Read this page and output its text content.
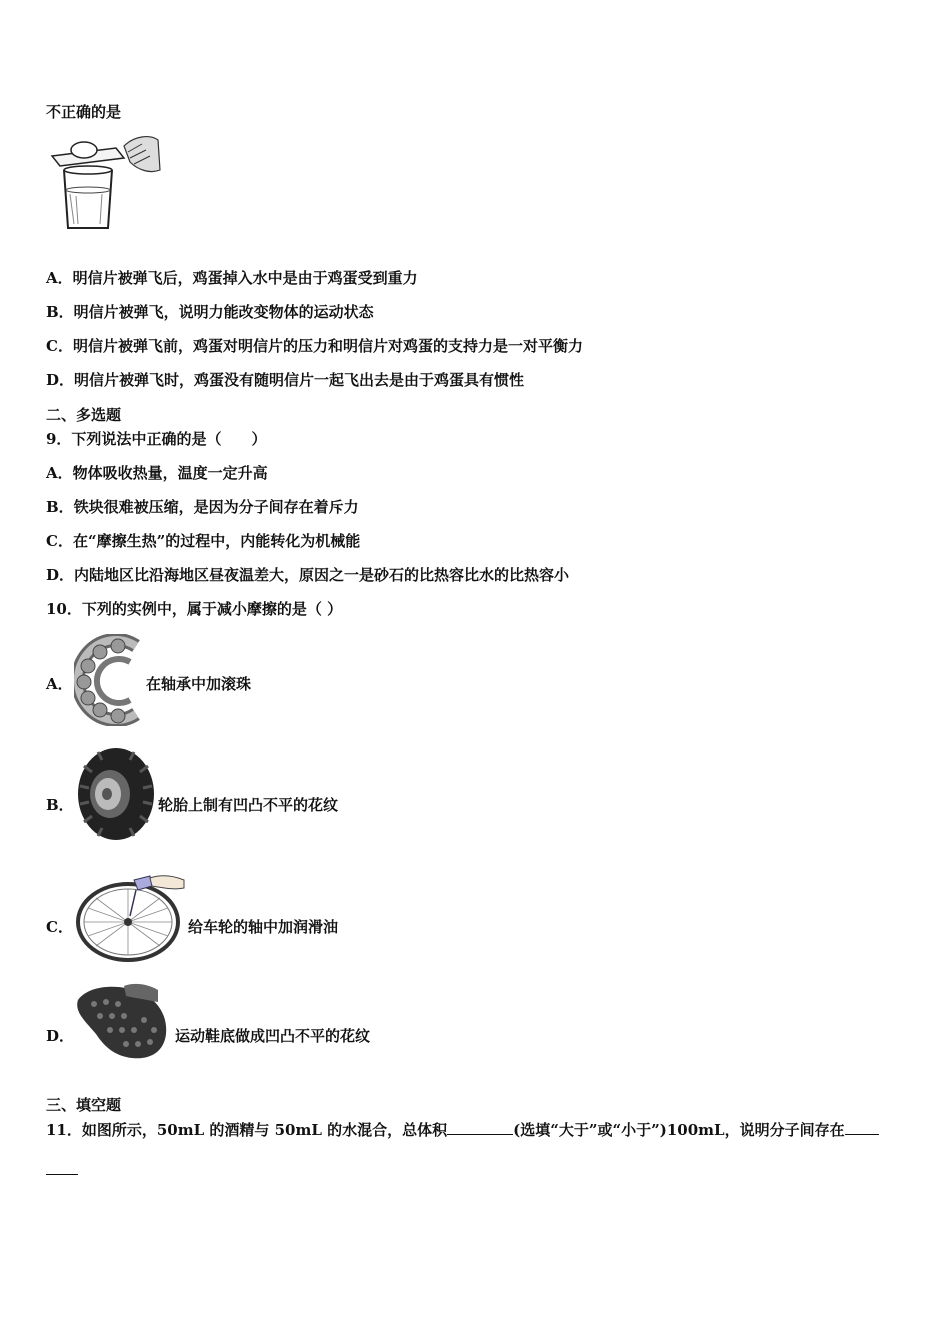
不正确的是
A．明信片被弹飞后，鸡蛋掉入水中是由于鸡蛋受到重力
B．明信片被弹飞，说明力能改变物体的运动状态
C．明信片被弹飞前，鸡蛋对明信片的压力和明信片对鸡蛋的支持力是一对平衡力
D．明信片被弹飞时，鸡蛋没有随明信片一起飞出去是由于鸡蛋具有惯性
二、多选题
9．下列说法中正确的是（　　）
A．物体吸收热量，温度一定升高
B．铁块很难被压缩，是因为分子间存在着斥力
C．在“摩擦生热”的过程中，内能转化为机械能
D．内陆地区比沿海地区昼夜温差大，原因之一是砂石的比热容比水的比热容小
10．下列的实例中，属于减小摩擦的是（ ）
A．	在轴承中加滚珠
B．	轮胎上制有凹凸不平的花纹
C．	给车轮的轴中加润滑油
D．	运动鞋底做成凹凸不平的花纹
三、填空题
11．如图所示，50mL 的酒精与 50mL 的水混合，总体积	(选填“大于”或“小于”)100mL，说明分子间存在
